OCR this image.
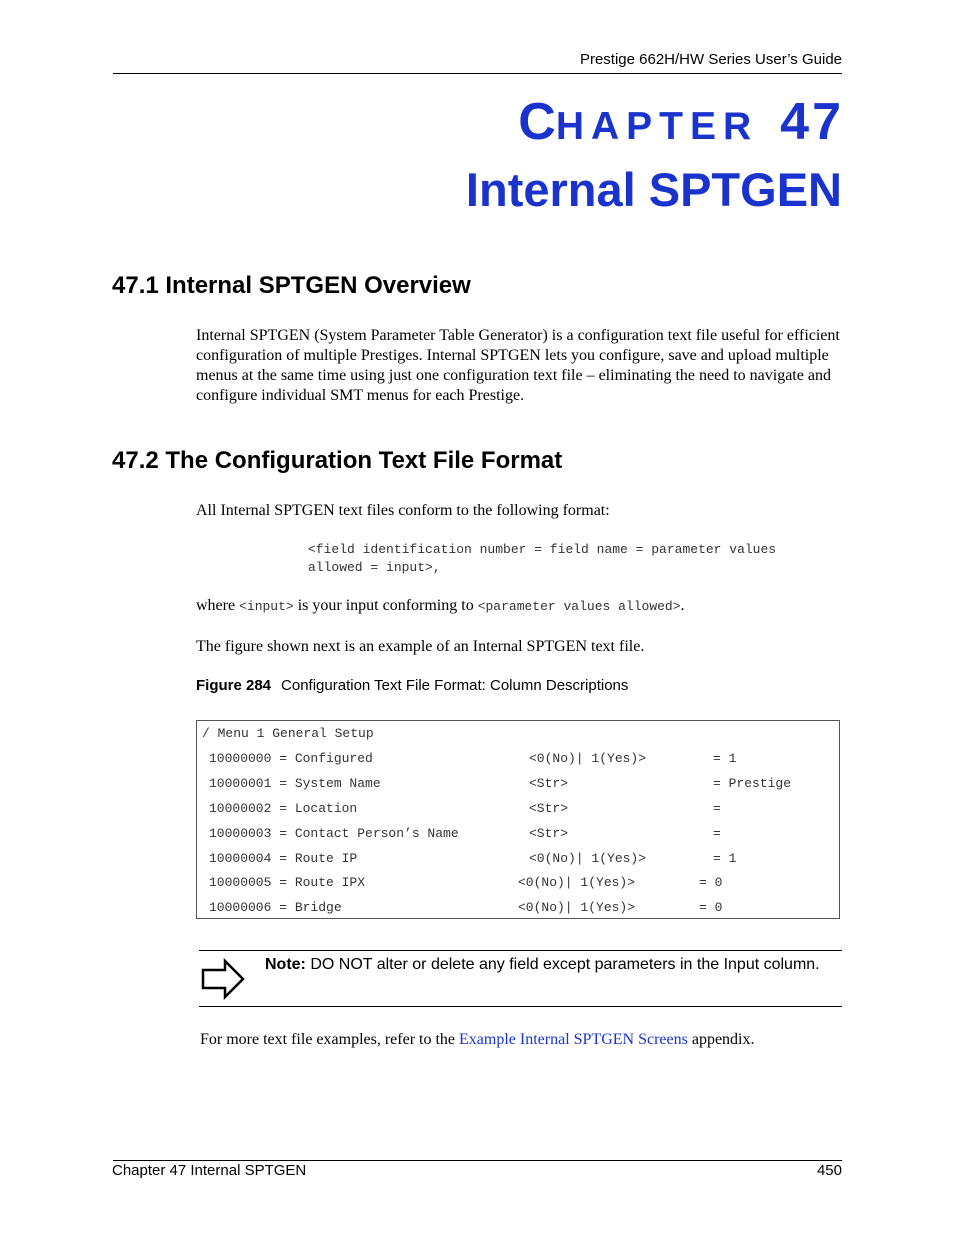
Prestige 662H/HW Series User’s Guide
CHAPTER 47
Internal SPTGEN
47.1 Internal SPTGEN Overview
Internal SPTGEN (System Parameter Table Generator) is a configuration text file useful for efficient configuration of multiple Prestiges. Internal SPTGEN lets you configure, save and upload multiple menus at the same time using just one configuration text file – eliminating the need to navigate and configure individual SMT menus for each Prestige.
47.2 The Configuration Text File Format
All Internal SPTGEN text files conform to the following format:
<field identification number = field name = parameter values
allowed = input>,
where <input> is your input conforming to <parameter values allowed>.
The figure shown next is an example of an Internal SPTGEN text file.
Figure 284 Configuration Text File Format: Column Descriptions
/ Menu 1 General Setup
10000000 = Configured	<0(No)| 1(Yes)>	= 1
10000001 = System Name	<Str>	= Prestige
10000002 = Location	<Str>	=
10000003 = Contact Person’s Name	<Str>	=
10000004 = Route IP	<0(No)| 1(Yes)>	= 1
10000005 = Route IPX	<0(No)| 1(Yes)>	= 0
10000006 = Bridge	<0(No)| 1(Yes)>	= 0
Note: DO NOT alter or delete any field except parameters in the Input column.
For more text file examples, refer to the Example Internal SPTGEN Screens appendix.
Chapter 47 Internal SPTGEN	450
